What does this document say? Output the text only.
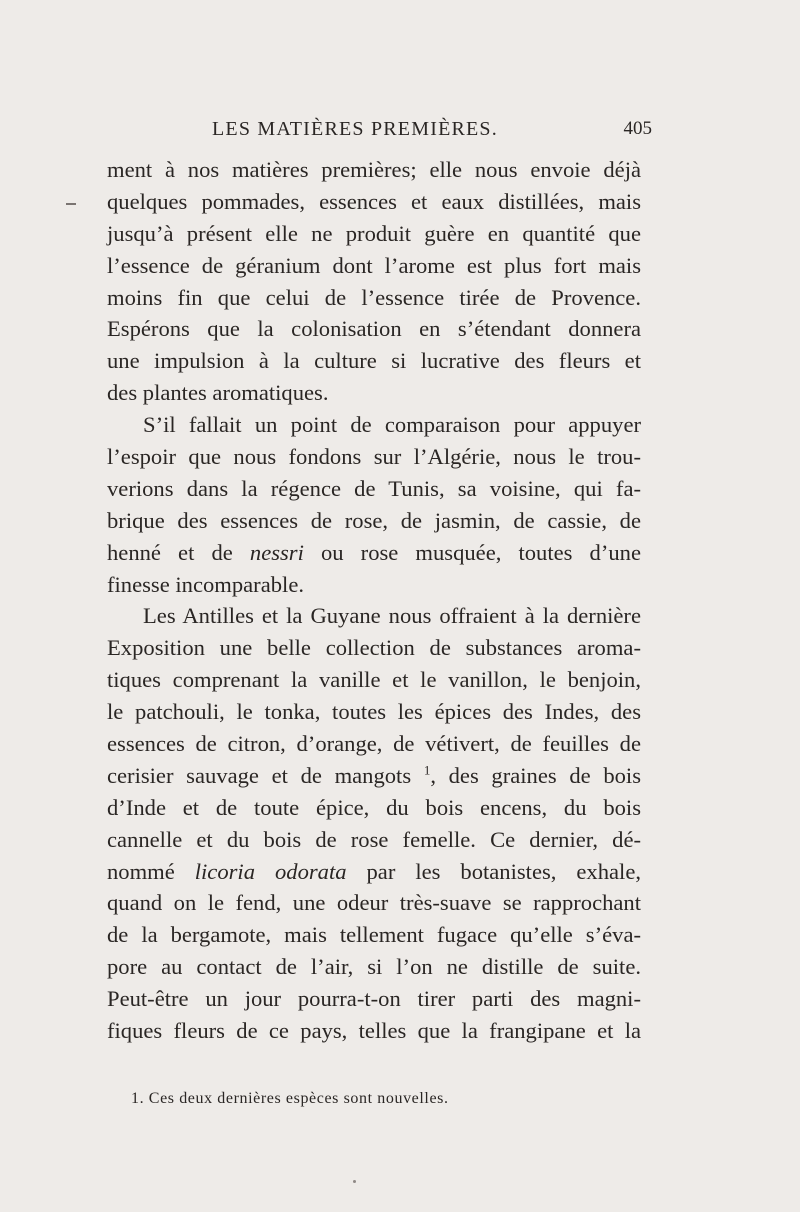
LES MATIÈRES PREMIÈRES.	405
ment à nos matières premières; elle nous envoie déjà
quelques pommades, essences et eaux distillées, mais
jusqu’à présent elle ne produit guère en quantité que
l’essence de géranium dont l’arome est plus fort mais
moins fin que celui de l’essence tirée de Provence.
Espérons que la colonisation en s’étendant donnera
une impulsion à la culture si lucrative des fleurs et
des plantes aromatiques.
S’il fallait un point de comparaison pour appuyer
l’espoir que nous fondons sur l’Algérie, nous le trou-
verions dans la régence de Tunis, sa voisine, qui fa-
brique des essences de rose, de jasmin, de cassie, de
henné et de nessri ou rose musquée, toutes d’une
finesse incomparable.
Les Antilles et la Guyane nous offraient à la dernière
Exposition une belle collection de substances aroma-
tiques comprenant la vanille et le vanillon, le benjoin,
le patchouli, le tonka, toutes les épices des Indes, des
essences de citron, d’orange, de vétivert, de feuilles de
cerisier sauvage et de mangots $^1$, des graines de bois
d’Inde et de toute épice, du bois encens, du bois
cannelle et du bois de rose femelle. Ce dernier, dé-
nommé licoria odorata par les botanistes, exhale,
quand on le fend, une odeur très-suave se rapprochant
de la bergamote, mais tellement fugace qu’elle s’éva-
pore au contact de l’air, si l’on ne distille de suite.
Peut-être un jour pourra-t-on tirer parti des magni-
fiques fleurs de ce pays, telles que la frangipane et la
1. Ces deux dernières espèces sont nouvelles.
